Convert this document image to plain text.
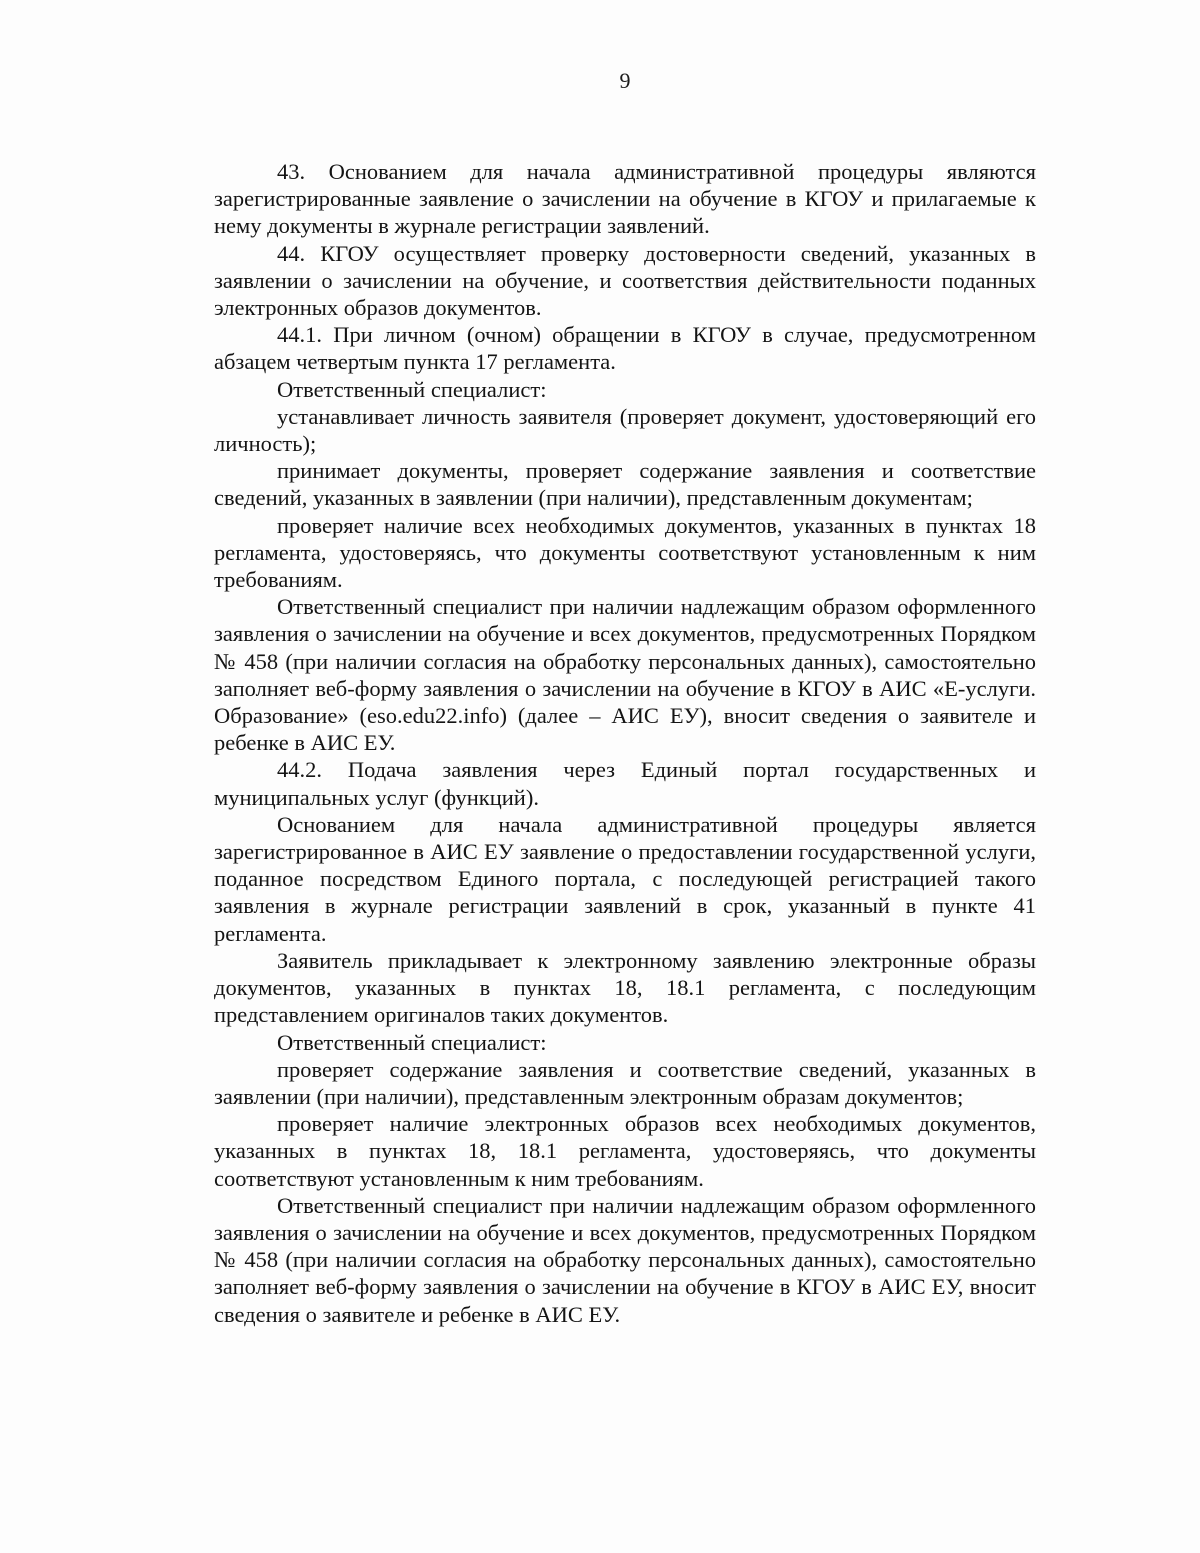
9

43. Основанием для начала административной процедуры являются зарегистрированные заявление о зачислении на обучение в КГОУ и прилагаемые к нему документы в журнале регистрации заявлений.

44. КГОУ осуществляет проверку достоверности сведений, указанных в заявлении о зачислении на обучение, и соответствия действительности поданных электронных образов документов.

44.1. При личном (очном) обращении в КГОУ в случае, предусмотренном абзацем четвертым пункта 17 регламента.

Ответственный специалист:

устанавливает личность заявителя (проверяет документ, удостоверяющий его личность);

принимает документы, проверяет содержание заявления и соответствие сведений, указанных в заявлении (при наличии), представленным документам;

проверяет наличие всех необходимых документов, указанных в пунктах 18 регламента, удостоверяясь, что документы соответствуют установленным к ним требованиям.

Ответственный специалист при наличии надлежащим образом оформленного заявления о зачислении на обучение и всех документов, предусмотренных Порядком № 458 (при наличии согласия на обработку персональных данных), самостоятельно заполняет веб-форму заявления о зачислении на обучение в КГОУ в АИС «Е-услуги. Образование» (eso.edu22.info) (далее – АИС ЕУ), вносит сведения о заявителе и ребенке в АИС ЕУ.

44.2. Подача заявления через Единый портал государственных и муниципальных услуг (функций).

Основанием для начала административной процедуры является зарегистрированное в АИС ЕУ заявление о предоставлении государственной услуги, поданное посредством Единого портала, с последующей регистрацией такого заявления в журнале регистрации заявлений в срок, указанный в пункте 41 регламента.

Заявитель прикладывает к электронному заявлению электронные образы документов, указанных в пунктах 18, 18.1 регламента, с последующим представлением оригиналов таких документов.

Ответственный специалист:

проверяет содержание заявления и соответствие сведений, указанных в заявлении (при наличии), представленным электронным образам документов;

проверяет наличие электронных образов всех необходимых документов, указанных в пунктах 18, 18.1 регламента, удостоверяясь, что документы соответствуют установленным к ним требованиям.

Ответственный специалист при наличии надлежащим образом оформленного заявления о зачислении на обучение и всех документов, предусмотренных Порядком № 458 (при наличии согласия на обработку персональных данных), самостоятельно заполняет веб-форму заявления о зачислении на обучение в КГОУ в АИС ЕУ, вносит сведения о заявителе и ребенке в АИС ЕУ.
